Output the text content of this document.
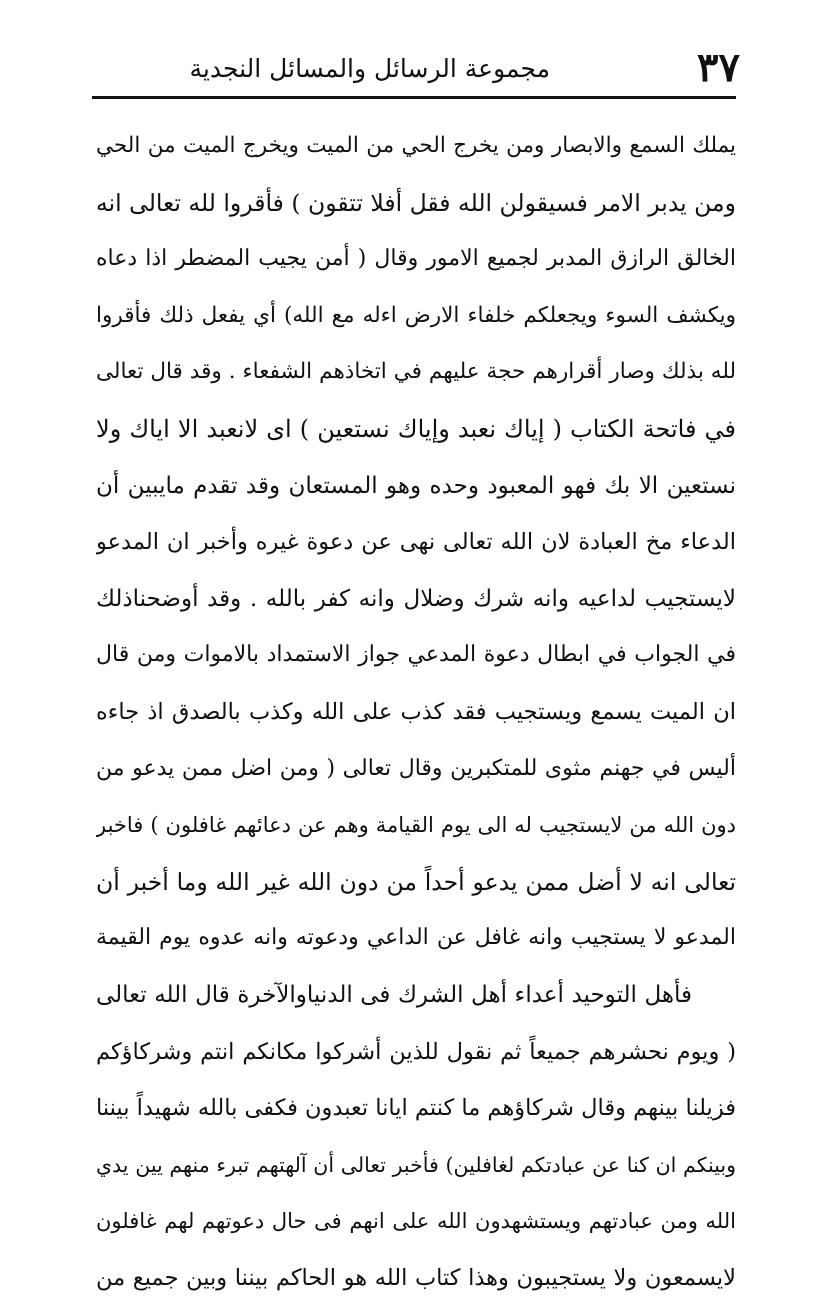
٣٧
مجموعة الرسائل والمسائل النجدية
يملك السمع والابصار ومن يخرج الحي من الميت ويخرج الميت من الحي
ومن يدبر الامر فسيقولن الله فقل أفلا تتقون ) فأقروا لله تعالى انه
الخالق الرازق المدبر لجميع الامور وقال ( أمن يجيب المضطر اذا دعاه
ويكشف السوء ويجعلكم خلفاء الارض اءله مع الله) أي يفعل ذلك فأقروا
لله بذلك وصار أقرارهم حجة عليهم في اتخاذهم الشفعاء . وقد قال تعالى
في فاتحة الكتاب ( إياك نعبد وإياك نستعين ) اى لانعبد الا اياك ولا
نستعين الا بك فهو المعبود وحده وهو المستعان وقد تقدم مايبين أن
الدعاء مخ العبادة لان الله تعالى نهى عن دعوة غيره وأخبر ان المدعو
لايستجيب لداعيه وانه شرك وضلال وانه كفر بالله . وقد أوضحناذلك
في الجواب في ابطال دعوة المدعي جواز الاستمداد بالاموات ومن قال
ان الميت يسمع ويستجيب فقد كذب على الله وكذب بالصدق اذ جاءه
أليس في جهنم مثوى للمتكبرين وقال تعالى ( ومن اضل ممن يدعو من
دون الله من لايستجيب له الى يوم القيامة وهم عن دعائهم غافلون ) فاخبر
تعالى انه لا أضل ممن يدعو أحداً من دون الله غير الله وما أخبر أن
المدعو لا يستجيب وانه غافل عن الداعي ودعوته وانه عدوه يوم القيمة
فأهل التوحيد أعداء أهل الشرك فى الدنياوالآخرة قال الله تعالى
( ويوم نحشرهم جميعاً ثم نقول للذين أشركوا مكانكم انتم وشركاؤكم
فزيلنا بينهم وقال شركاؤهم ما كنتم ايانا تعبدون فكفى بالله شهيداً بيننا
وبينكم ان كنا عن عبادتكم لغافلين) فأخبر تعالى أن آلهتهم تبرء منهم يين يدي
الله ومن عبادتهم ويستشهدون الله على انهم فى حال دعوتهم لهم غافلون
لايسمعون ولا يستجيبون وهذا كتاب الله هو الحاكم بيننا وبين جميع من
